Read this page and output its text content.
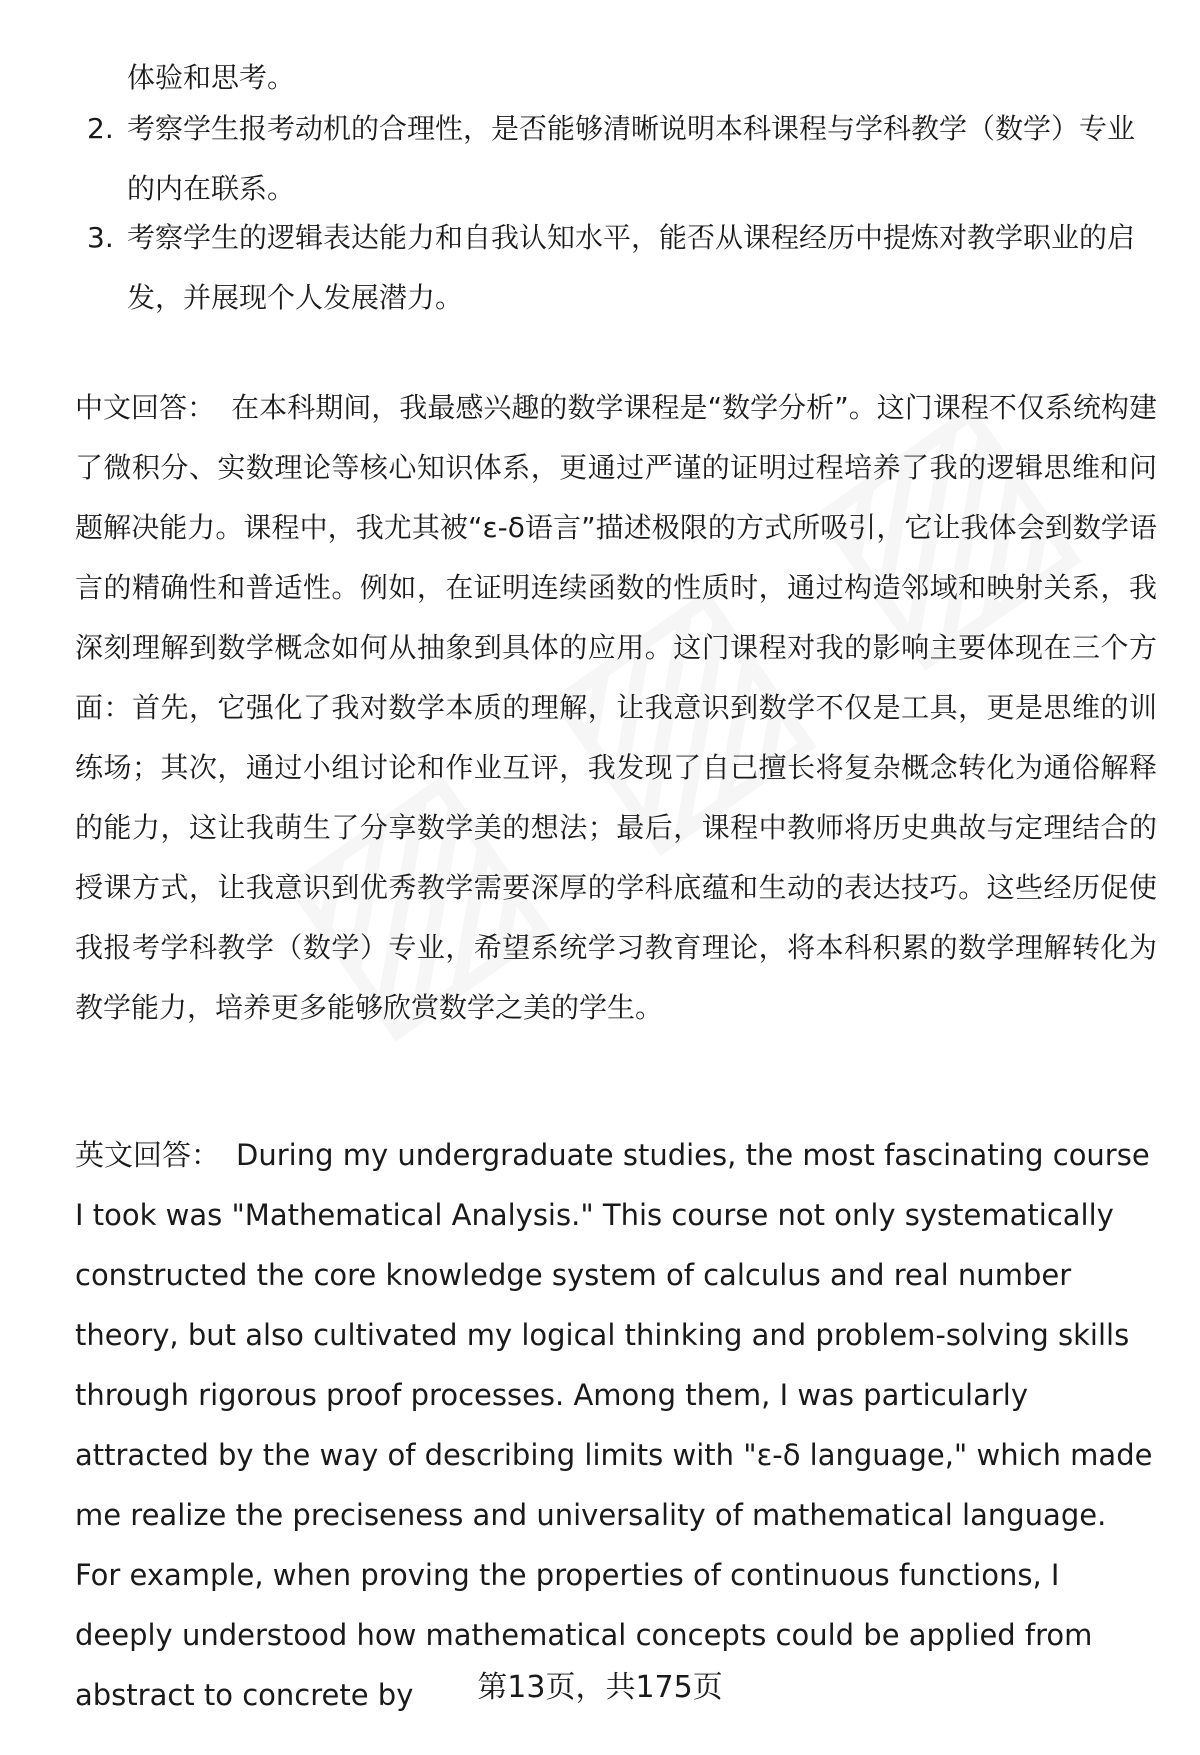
体验和思考。
2. 考察学生报考动机的合理性，是否能够清晰说明本科课程与学科教学（数学）专业的内在联系。
3. 考察学生的逻辑表达能力和自我认知水平，能否从课程经历中提炼对教学职业的启发，并展现个人发展潜力。
中文回答： 在本科期间，我最感兴趣的数学课程是“数学分析”。这门课程不仅系统构建了微积分、实数理论等核心知识体系，更通过严谨的证明过程培养了我的逻辑思维和问题解决能力。课程中，我尤其被“ε-δ语言”描述极限的方式所吸引，它让我体会到数学语言的精确性和普适性。例如，在证明连续函数的性质时，通过构造邻域和映射关系，我深刻理解到数学概念如何从抽象到具体的应用。这门课程对我的影响主要体现在三个方面：首先，它强化了我对数学本质的理解，让我意识到数学不仅是工具，更是思维的训练场；其次，通过小组讨论和作业互评，我发现了自己擅长将复杂概念转化为通俗解释的能力，这让我萌生了分享数学美的想法；最后，课程中教师将历史典故与定理结合的授课方式，让我意识到优秀教学需要深厚的学科底蕴和生动的表达技巧。这些经历促使我报考学科教学（数学）专业，希望系统学习教育理论，将本科积累的数学理解转化为教学能力，培养更多能够欣赏数学之美的学生。
英文回答： During my undergraduate studies, the most fascinating course I took was "Mathematical Analysis." This course not only systematically constructed the core knowledge system of calculus and real number theory, but also cultivated my logical thinking and problem-solving skills through rigorous proof processes. Among them, I was particularly attracted by the way of describing limits with "ε-δ language," which made me realize the preciseness and universality of mathematical language. For example, when proving the properties of continuous functions, I deeply understood how mathematical concepts could be applied from abstract to concrete by	第13页，共175页
